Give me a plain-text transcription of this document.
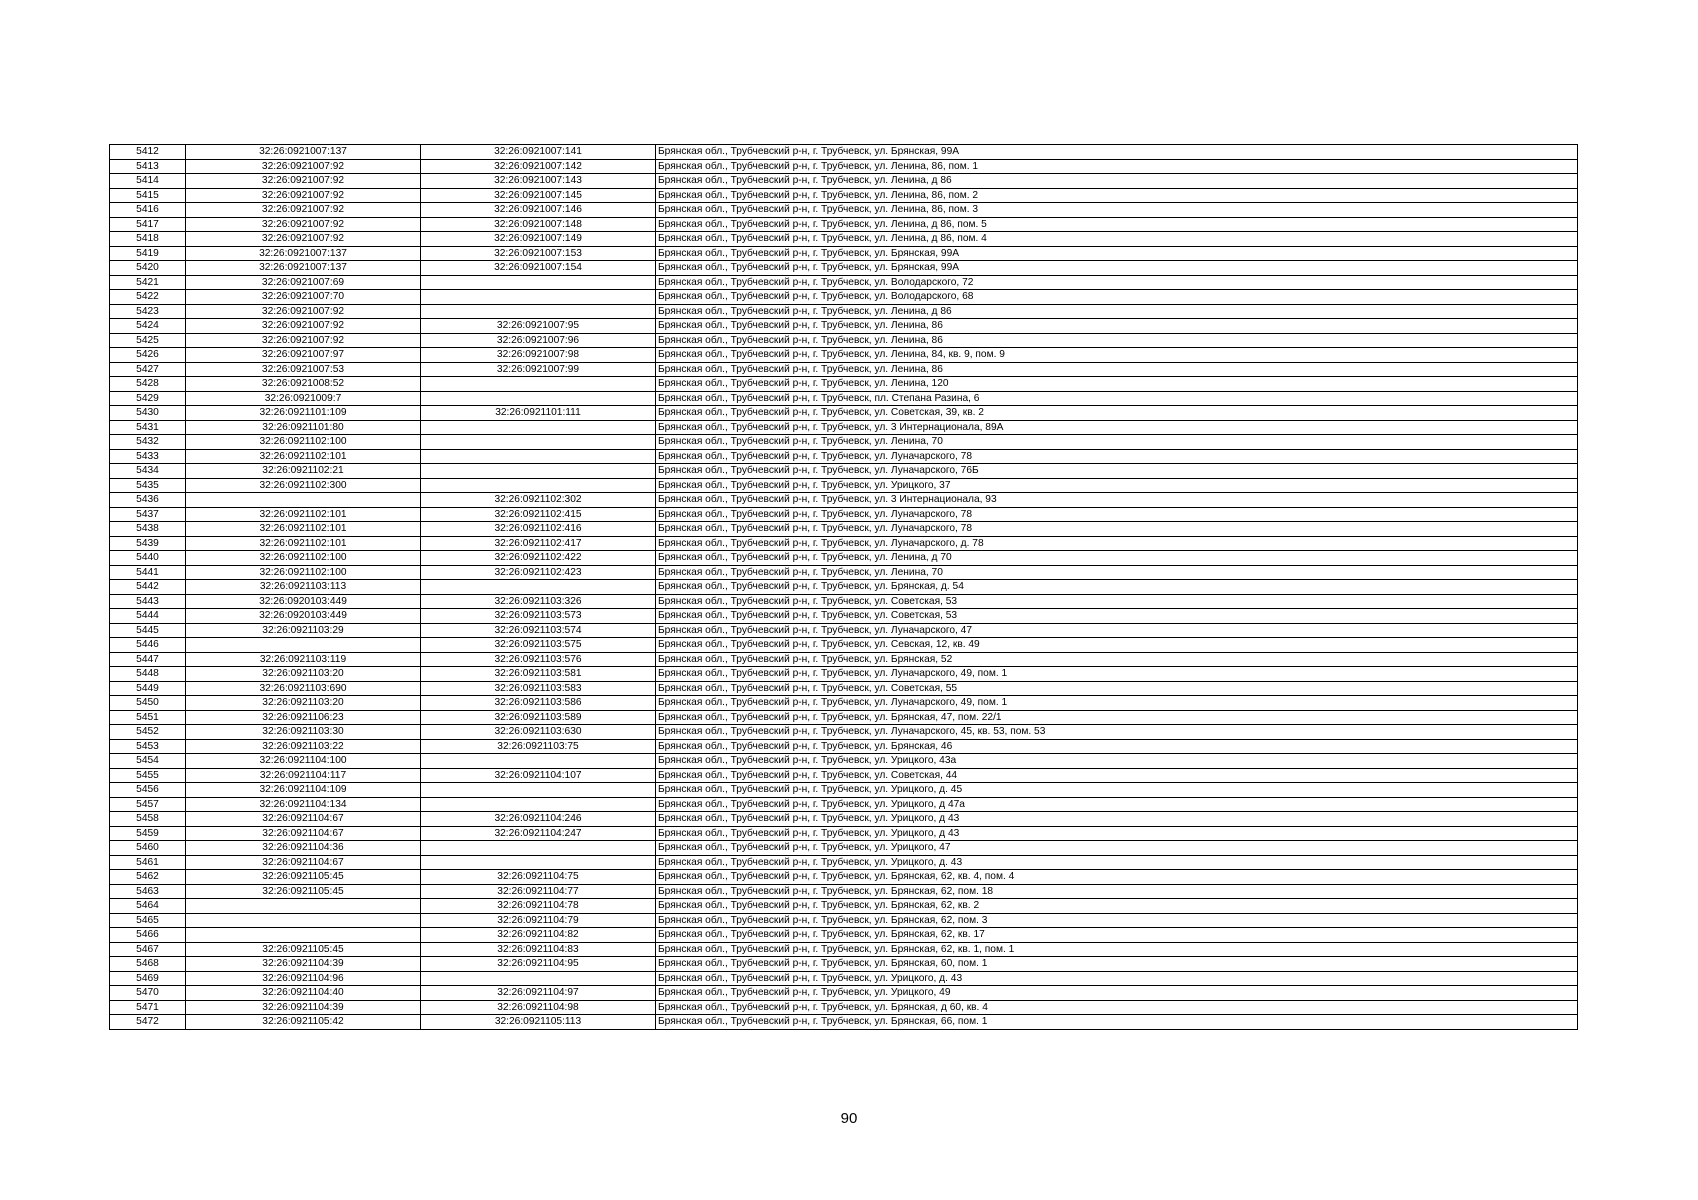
5412	32:26:0921007:137	32:26:0921007:141	Брянская обл., Трубчевский р-н, г. Трубчевск, ул. Брянская, 99А
5413	32:26:0921007:92	32:26:0921007:142	Брянская обл., Трубчевский р-н, г. Трубчевск, ул. Ленина, 86, пом. 1
5414	32:26:0921007:92	32:26:0921007:143	Брянская обл., Трубчевский р-н, г. Трубчевск, ул. Ленина, д 86
5415	32:26:0921007:92	32:26:0921007:145	Брянская обл., Трубчевский р-н, г. Трубчевск, ул. Ленина, 86, пом. 2
5416	32:26:0921007:92	32:26:0921007:146	Брянская обл., Трубчевский р-н, г. Трубчевск, ул. Ленина, 86, пом. 3
5417	32:26:0921007:92	32:26:0921007:148	Брянская обл., Трубчевский р-н, г. Трубчевск, ул. Ленина, д 86, пом. 5
5418	32:26:0921007:92	32:26:0921007:149	Брянская обл., Трубчевский р-н, г. Трубчевск, ул. Ленина, д 86, пом. 4
5419	32:26:0921007:137	32:26:0921007:153	Брянская обл., Трубчевский р-н, г. Трубчевск, ул. Брянская, 99А
5420	32:26:0921007:137	32:26:0921007:154	Брянская обл., Трубчевский р-н, г. Трубчевск, ул. Брянская, 99А
5421	32:26:0921007:69		Брянская обл., Трубчевский р-н, г. Трубчевск, ул. Володарского, 72
5422	32:26:0921007:70		Брянская обл., Трубчевский р-н, г. Трубчевск, ул. Володарского, 68
5423	32:26:0921007:92		Брянская обл., Трубчевский р-н, г. Трубчевск, ул. Ленина, д 86
5424	32:26:0921007:92	32:26:0921007:95	Брянская обл., Трубчевский р-н, г. Трубчевск, ул. Ленина, 86
5425	32:26:0921007:92	32:26:0921007:96	Брянская обл., Трубчевский р-н, г. Трубчевск, ул. Ленина, 86
5426	32:26:0921007:97	32:26:0921007:98	Брянская обл., Трубчевский р-н, г. Трубчевск, ул. Ленина, 84, кв. 9, пом. 9
5427	32:26:0921007:53	32:26:0921007:99	Брянская обл., Трубчевский р-н, г. Трубчевск, ул. Ленина, 86
5428	32:26:0921008:52		Брянская обл., Трубчевский р-н, г. Трубчевск, ул. Ленина, 120
5429	32:26:0921009:7		Брянская обл., Трубчевский р-н, г. Трубчевск, пл. Степана Разина, 6
5430	32:26:0921101:109	32:26:0921101:111	Брянская обл., Трубчевский р-н, г. Трубчевск, ул. Советская, 39, кв. 2
5431	32:26:0921101:80		Брянская обл., Трубчевский р-н, г. Трубчевск, ул. 3 Интернационала, 89А
5432	32:26:0921102:100		Брянская обл., Трубчевский р-н, г. Трубчевск, ул. Ленина, 70
5433	32:26:0921102:101		Брянская обл., Трубчевский р-н, г. Трубчевск, ул. Луначарского, 78
5434	32:26:0921102:21		Брянская обл., Трубчевский р-н, г. Трубчевск, ул. Луначарского, 76Б
5435	32:26:0921102:300		Брянская обл., Трубчевский р-н, г. Трубчевск, ул. Урицкого, 37
5436		32:26:0921102:302	Брянская обл., Трубчевский р-н, г. Трубчевск, ул. 3 Интернационала, 93
5437	32:26:0921102:101	32:26:0921102:415	Брянская обл., Трубчевский р-н, г. Трубчевск, ул. Луначарского, 78
5438	32:26:0921102:101	32:26:0921102:416	Брянская обл., Трубчевский р-н, г. Трубчевск, ул. Луначарского, 78
5439	32:26:0921102:101	32:26:0921102:417	Брянская обл., Трубчевский р-н, г. Трубчевск, ул. Луначарского, д. 78
5440	32:26:0921102:100	32:26:0921102:422	Брянская обл., Трубчевский р-н, г. Трубчевск, ул. Ленина, д 70
5441	32:26:0921102:100	32:26:0921102:423	Брянская обл., Трубчевский р-н, г. Трубчевск, ул. Ленина, 70
5442	32:26:0921103:113		Брянская обл., Трубчевский р-н, г. Трубчевск, ул. Брянская, д. 54
5443	32:26:0920103:449	32:26:0921103:326	Брянская обл., Трубчевский р-н, г. Трубчевск, ул. Советская, 53
5444	32:26:0920103:449	32:26:0921103:573	Брянская обл., Трубчевский р-н, г. Трубчевск, ул. Советская, 53
5445	32:26:0921103:29	32:26:0921103:574	Брянская обл., Трубчевский р-н, г. Трубчевск, ул. Луначарского, 47
5446		32:26:0921103:575	Брянская обл., Трубчевский р-н, г. Трубчевск, ул. Севская, 12, кв. 49
5447	32:26:0921103:119	32:26:0921103:576	Брянская обл., Трубчевский р-н, г. Трубчевск, ул. Брянская, 52
5448	32:26:0921103:20	32:26:0921103:581	Брянская обл., Трубчевский р-н, г. Трубчевск, ул. Луначарского, 49, пом. 1
5449	32:26:0921103:690	32:26:0921103:583	Брянская обл., Трубчевский р-н, г. Трубчевск, ул. Советская, 55
5450	32:26:0921103:20	32:26:0921103:586	Брянская обл., Трубчевский р-н, г. Трубчевск, ул. Луначарского, 49, пом. 1
5451	32:26:0921106:23	32:26:0921103:589	Брянская обл., Трубчевский р-н, г. Трубчевск, ул. Брянская, 47, пом. 22/1
5452	32:26:0921103:30	32:26:0921103:630	Брянская обл., Трубчевский р-н, г. Трубчевск, ул. Луначарского, 45, кв. 53, пом. 53
5453	32:26:0921103:22	32:26:0921103:75	Брянская обл., Трубчевский р-н, г. Трубчевск, ул. Брянская, 46
5454	32:26:0921104:100		Брянская обл., Трубчевский р-н, г. Трубчевск, ул. Урицкого, 43а
5455	32:26:0921104:117	32:26:0921104:107	Брянская обл., Трубчевский р-н, г. Трубчевск, ул. Советская, 44
5456	32:26:0921104:109		Брянская обл., Трубчевский р-н, г. Трубчевск, ул. Урицкого, д. 45
5457	32:26:0921104:134		Брянская обл., Трубчевский р-н, г. Трубчевск, ул. Урицкого, д 47а
5458	32:26:0921104:67	32:26:0921104:246	Брянская обл., Трубчевский р-н, г. Трубчевск, ул. Урицкого, д 43
5459	32:26:0921104:67	32:26:0921104:247	Брянская обл., Трубчевский р-н, г. Трубчевск, ул. Урицкого, д 43
5460	32:26:0921104:36		Брянская обл., Трубчевский р-н, г. Трубчевск, ул. Урицкого, 47
5461	32:26:0921104:67		Брянская обл., Трубчевский р-н, г. Трубчевск, ул. Урицкого, д. 43
5462	32:26:0921105:45	32:26:0921104:75	Брянская обл., Трубчевский р-н, г. Трубчевск, ул. Брянская, 62, кв. 4, пом. 4
5463	32:26:0921105:45	32:26:0921104:77	Брянская обл., Трубчевский р-н, г. Трубчевск, ул. Брянская, 62, пом. 18
5464		32:26:0921104:78	Брянская обл., Трубчевский р-н, г. Трубчевск, ул. Брянская, 62, кв. 2
5465		32:26:0921104:79	Брянская обл., Трубчевский р-н, г. Трубчевск, ул. Брянская, 62, пом. 3
5466		32:26:0921104:82	Брянская обл., Трубчевский р-н, г. Трубчевск, ул. Брянская, 62, кв. 17
5467	32:26:0921105:45	32:26:0921104:83	Брянская обл., Трубчевский р-н, г. Трубчевск, ул. Брянская, 62, кв. 1, пом. 1
5468	32:26:0921104:39	32:26:0921104:95	Брянская обл., Трубчевский р-н, г. Трубчевск, ул. Брянская, 60, пом. 1
5469	32:26:0921104:96		Брянская обл., Трубчевский р-н, г. Трубчевск, ул. Урицкого, д. 43
5470	32:26:0921104:40	32:26:0921104:97	Брянская обл., Трубчевский р-н, г. Трубчевск, ул. Урицкого, 49
5471	32:26:0921104:39	32:26:0921104:98	Брянская обл., Трубчевский р-н, г. Трубчевск, ул. Брянская, д 60, кв. 4
5472	32:26:0921105:42	32:26:0921105:113	Брянская обл., Трубчевский р-н, г. Трубчевск, ул. Брянская, 66, пом. 1
90
